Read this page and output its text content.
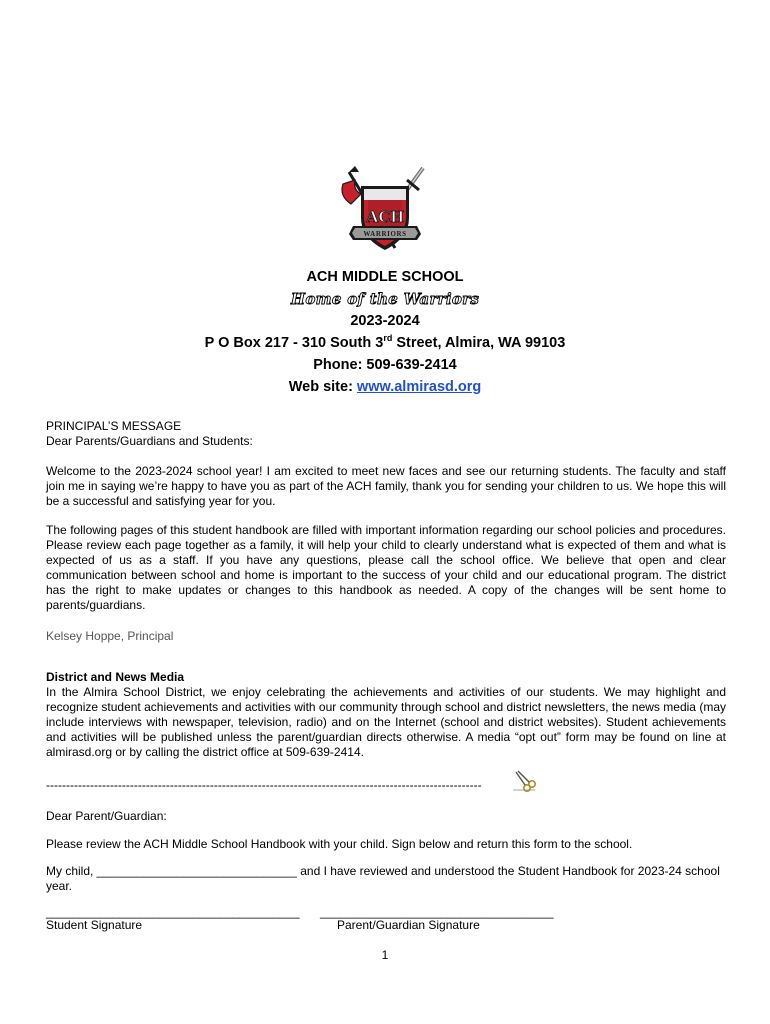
ACH
WARRIORS
ACH MIDDLE SCHOOL
Home of the Warriors
2023-2024
P O Box 217 - 310 South 3rd Street, Almira, WA 99103
Phone: 509-639-2414
Web site: www.almirasd.org
PRINCIPAL’S MESSAGE
Dear Parents/Guardians and Students:
Welcome to the 2023-2024 school year! I am excited to meet new faces and see our returning students. The faculty and staff join me in saying we’re happy to have you as part of the ACH family, thank you for sending your children to us. We hope this will be a successful and satisfying year for you.
The following pages of this student handbook are filled with important information regarding our school policies and procedures. Please review each page together as a family, it will help your child to clearly understand what is expected of them and what is expected of us as a staff. If you have any questions, please call the school office. We believe that open and clear communication between school and home is important to the success of your child and our educational program. The district has the right to make updates or changes to this handbook as needed. A copy of the changes will be sent home to parents/guardians.
Kelsey Hoppe, Principal
District and News Media
In the Almira School District, we enjoy celebrating the achievements and activities of our students. We may highlight and recognize student achievements and activities with our community through school and district newsletters, the news media (may include interviews with newspaper, television, radio) and on the Internet (school and district websites). Student achievements and activities will be published unless the parent/guardian directs otherwise. A media “opt out” form may be found on line at almirasd.org or by calling the district office at 509-639-2414.
-------------------------------------------------------------------------------------------------------------
Dear Parent/Guardian:
Please review the ACH Middle School Handbook with your child. Sign below and return this form to the school.
My child, ______________________________ and I have reviewed and understood the Student Handbook for 2023-24 school year.
______________________________________ ___________________________________
Student Signature	Parent/Guardian Signature
1
